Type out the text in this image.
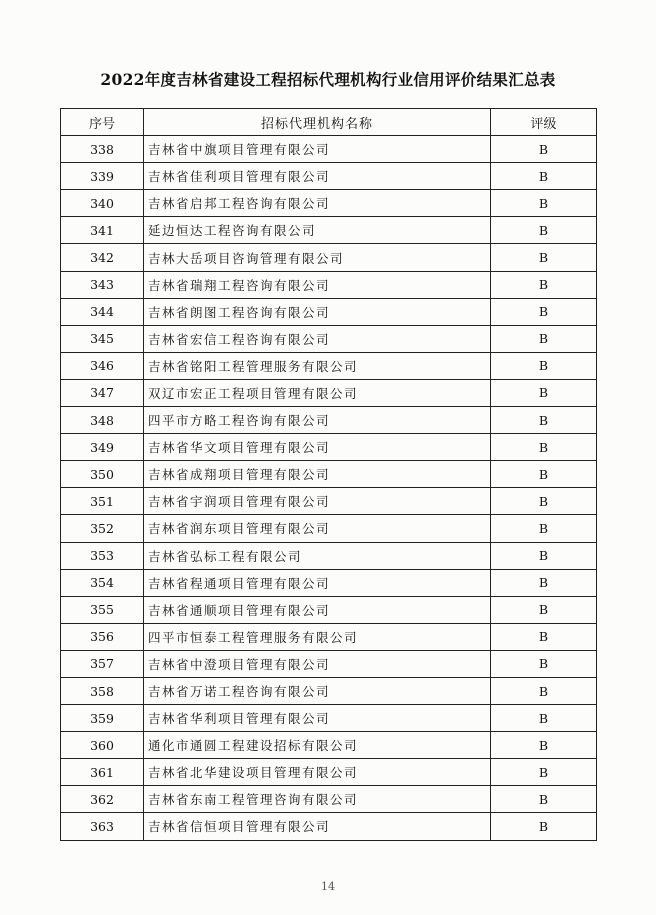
2022年度吉林省建设工程招标代理机构行业信用评价结果汇总表
序号	招标代理机构名称	评级
338	吉林省中旗项目管理有限公司	B
339	吉林省佳利项目管理有限公司	B
340	吉林省启邦工程咨询有限公司	B
341	延边恒达工程咨询有限公司	B
342	吉林大岳项目咨询管理有限公司	B
343	吉林省瑞翔工程咨询有限公司	B
344	吉林省朗图工程咨询有限公司	B
345	吉林省宏信工程咨询有限公司	B
346	吉林省铭阳工程管理服务有限公司	B
347	双辽市宏正工程项目管理有限公司	B
348	四平市方略工程咨询有限公司	B
349	吉林省华文项目管理有限公司	B
350	吉林省成翔项目管理有限公司	B
351	吉林省宇润项目管理有限公司	B
352	吉林省润东项目管理有限公司	B
353	吉林省弘标工程有限公司	B
354	吉林省程通项目管理有限公司	B
355	吉林省通顺项目管理有限公司	B
356	四平市恒泰工程管理服务有限公司	B
357	吉林省中澄项目管理有限公司	B
358	吉林省万诺工程咨询有限公司	B
359	吉林省华利项目管理有限公司	B
360	通化市通圆工程建设招标有限公司	B
361	吉林省北华建设项目管理有限公司	B
362	吉林省东南工程管理咨询有限公司	B
363	吉林省信恒项目管理有限公司	B
14
